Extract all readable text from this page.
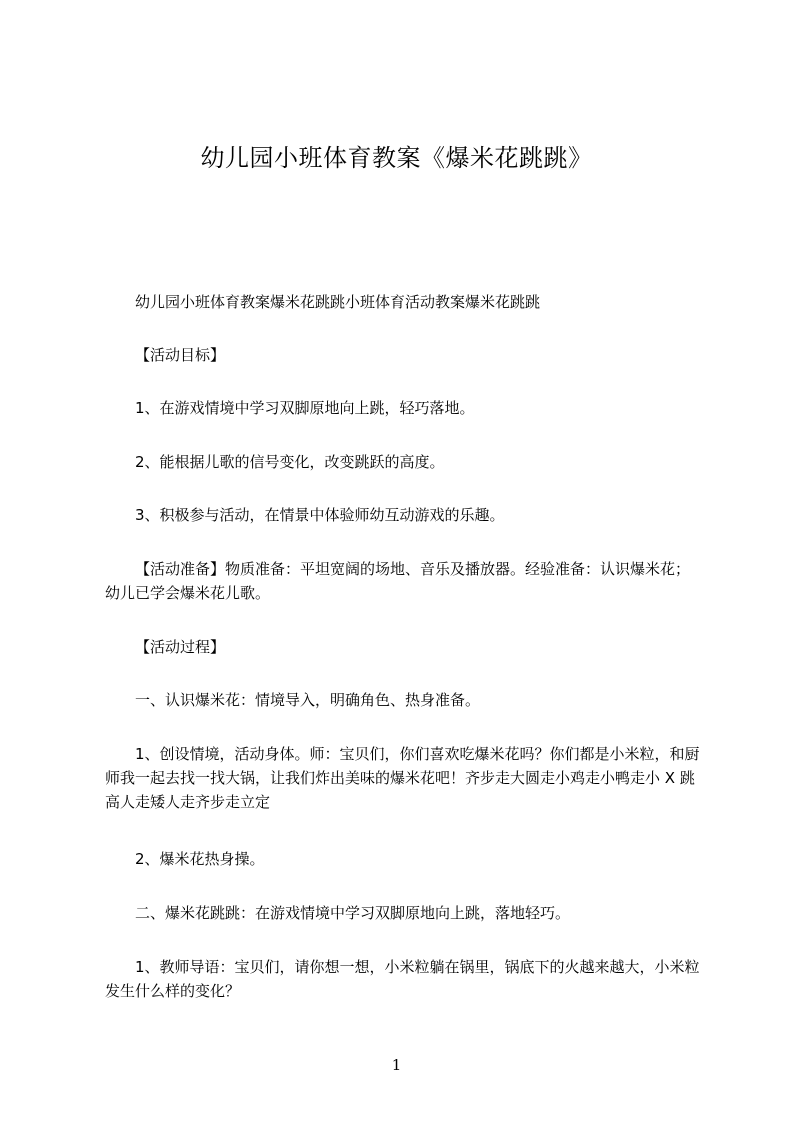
幼儿园小班体育教案《爆米花跳跳》
幼儿园小班体育教案爆米花跳跳小班体育活动教案爆米花跳跳
【活动目标】
1、在游戏情境中学习双脚原地向上跳，轻巧落地。
2、能根据儿歌的信号变化，改变跳跃的高度。
3、积极参与活动，在情景中体验师幼互动游戏的乐趣。
【活动准备】物质准备：平坦宽阔的场地、音乐及播放器。经验准备：认识爆米花；幼儿已学会爆米花儿歌。
【活动过程】
一、认识爆米花：情境导入，明确角色、热身准备。
1、创设情境，活动身体。师：宝贝们，你们喜欢吃爆米花吗？你们都是小米粒，和厨师我一起去找一找大锅，让我们炸出美味的爆米花吧！齐步走大圆走小鸡走小鸭走小 X 跳高人走矮人走齐步走立定
2、爆米花热身操。
二、爆米花跳跳：在游戏情境中学习双脚原地向上跳，落地轻巧。
1、教师导语：宝贝们，请你想一想，小米粒躺在锅里，锅底下的火越来越大，小米粒发生什么样的变化？
1
